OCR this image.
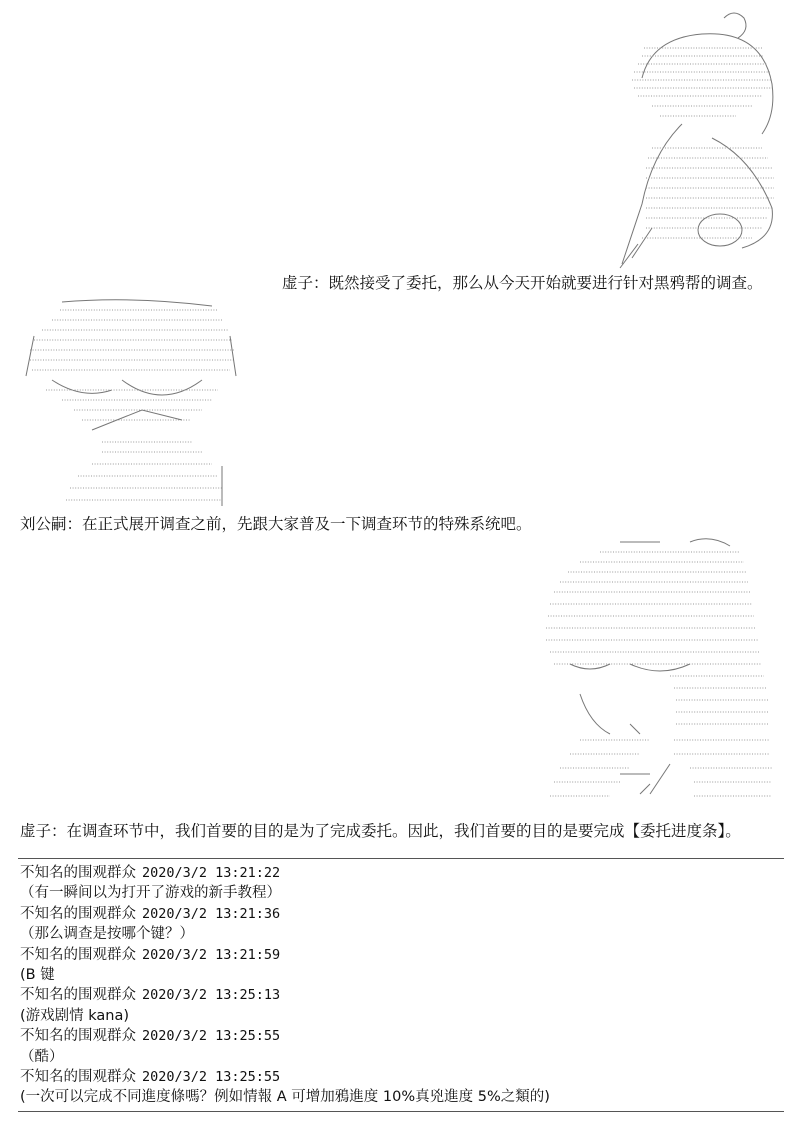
虚子：既然接受了委托，那么从今天开始就要进行针对黑鸦帮的调查。
刘公嗣：在正式展开调查之前，先跟大家普及一下调查环节的特殊系统吧。
虚子：在调查环节中，我们首要的目的是为了完成委托。因此，我们首要的目的是要完成【委托进度条】。
不知名的围观群众 2020/3/2 13:21:22
（有一瞬间以为打开了游戏的新手教程）
不知名的围观群众 2020/3/2 13:21:36
（那么调查是按哪个键？）
不知名的围观群众 2020/3/2 13:21:59
(B 键
不知名的围观群众 2020/3/2 13:25:13
(游戏剧情 kana)
不知名的围观群众 2020/3/2 13:25:55
（酷）
不知名的围观群众 2020/3/2 13:25:55
(一次可以完成不同進度條嗎？例如情報 A 可增加鴉進度 10%真兇進度 5%之類的)
